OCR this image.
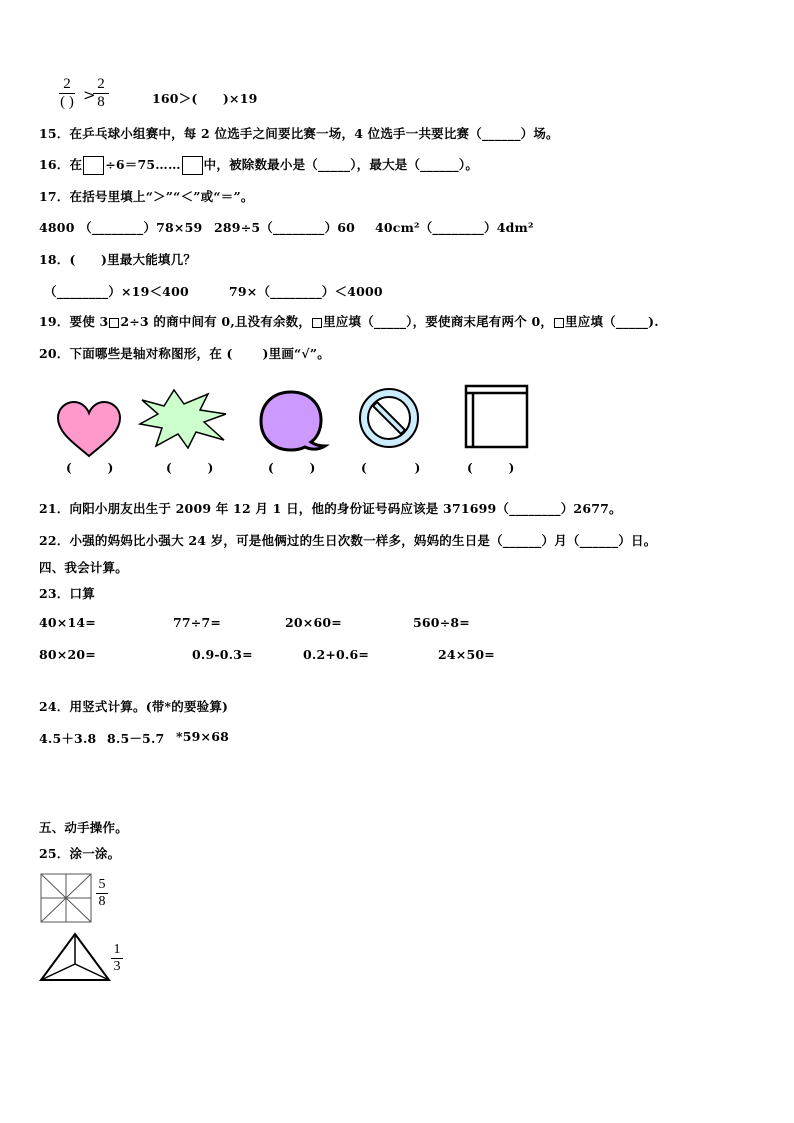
2
( ) >
2
8	160＞(　　)×19
15．在乒乓球小组赛中，每 2 位选手之间要比赛一场，4 位选手一共要比赛（______）场。
16．在 ÷6＝75…… 中，被除数最小是（_____），最大是（______）。
17．在括号里填上“＞”“＜”或“＝”。
4800 （________）78×59 289÷5（________）60 40cm²（________）4dm²
18．(　　)里最大能填几？
（________）×19＜400	79×（________）＜4000
19．要使 3 2÷3 的商中间有 0,且没有余数， 里应填（_____），要使商末尾有两个 0， 里应填（_____).
20．下面哪些是轴对称图形，在 (　　 )里画“√”。
(　　　)	(　　　)	(　　　)	(　　　　)	(　　　)
21．向阳小朋友出生于 2009 年 12 月 1 日，他的身份证号码应该是 371699（________）2677。
22．小强的妈妈比小强大 24 岁，可是他俩过的生日次数一样多，妈妈的生日是（______）月（______）日。
四、我会计算。
23．口算
40×14=	77÷7=	20×60=	560÷8=
80×20=	0.9-0.3=	0.2+0.6=	24×50=
24．用竖式计算。(带*的要验算)
4.5＋3.8 8.5－5.7 *59×68
五、动手操作。
25．涂一涂。
5
8
1
3
